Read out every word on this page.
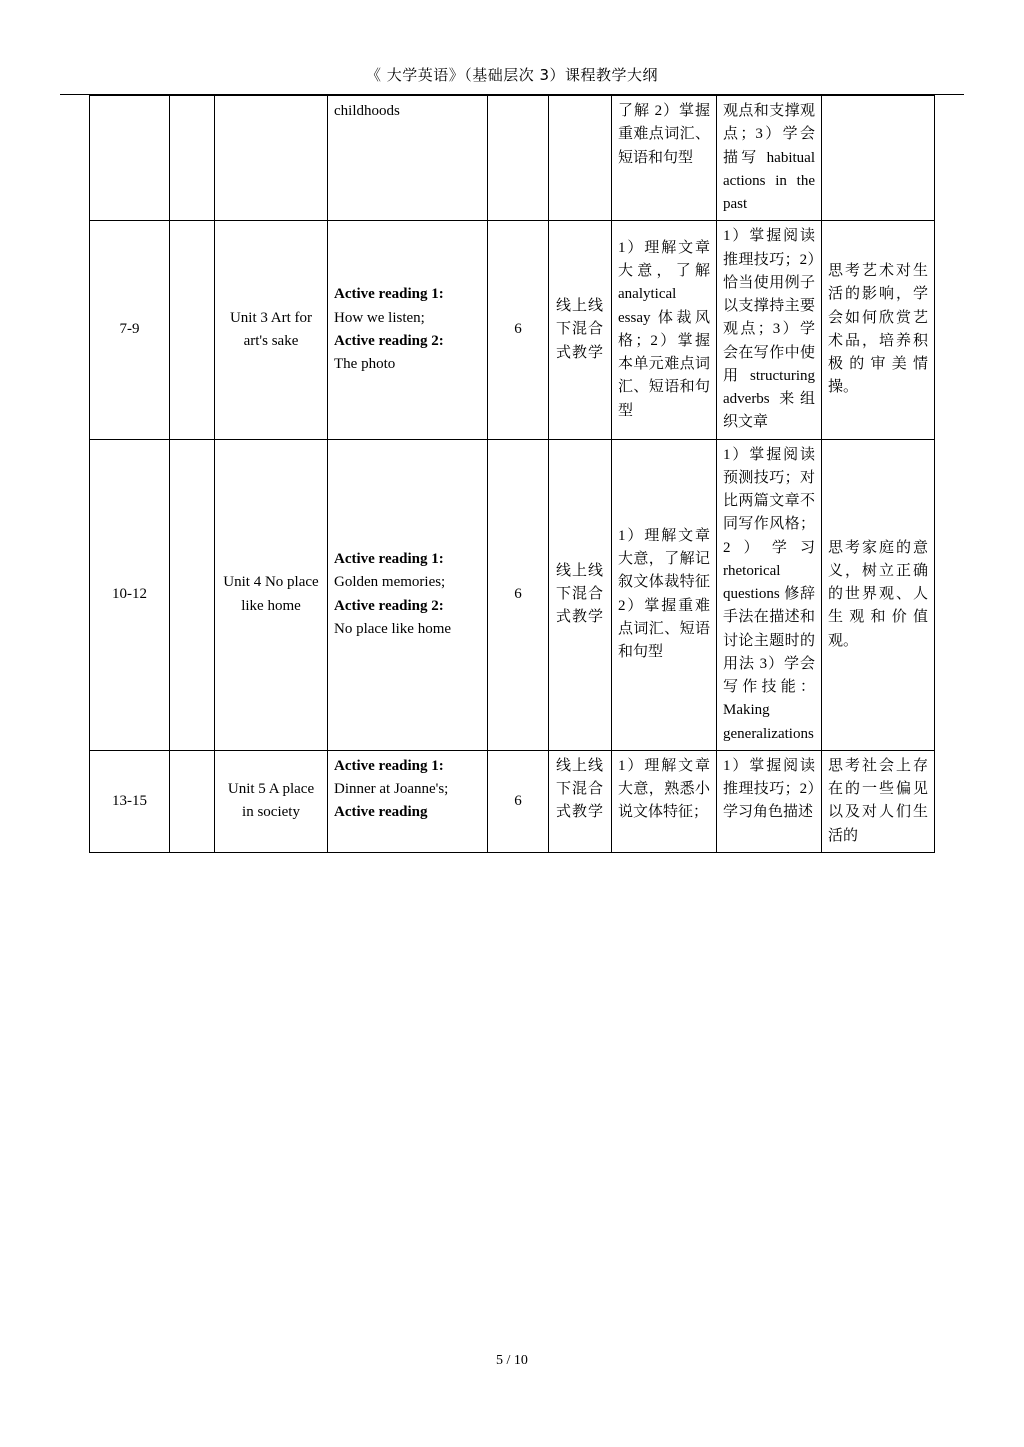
《 大学英语》（基础层次 3）课程教学大纲
			childhoods			了解 2）掌握重难点词汇、短语和句型	观点和支撑观点；3）学会描写 habitual actions in the past	
7-9		Unit 3 Art for art's sake	Active reading 1:
How we listen;
Active reading 2:
The photo	6	线上线下混合式教学	1）理解文章大意，了解 analytical essay 体裁风格；2）掌握本单元难点词汇、短语和句型	1）掌握阅读推理技巧；2）恰当使用例子以支撑持主要观点；3）学会在写作中使用 structuring adverbs 来组织文章	思考艺术对生活的影响，学会如何欣赏艺术品，培养积极的审美情操。
10-12		Unit 4 No place like home	Active reading 1:
Golden memories;
Active reading 2:
No place like home	6	线上线下混合式教学	1）理解文章大意，了解记叙文体裁特征 2）掌握重难点词汇、短语和句型	1）掌握阅读预测技巧；对比两篇文章不同写作风格；2）学习 rhetorical questions 修辞手法在描述和讨论主题时的用法 3）学会写作技能：Making generalizations	思考家庭的意义，树立正确的世界观、人生观和价值观。
13-15		Unit 5 A place in society	Active reading 1:
Dinner at Joanne's;
Active reading	6	线上线下混合式教学	1）理解文章大意，熟悉小说文体特征；	1）掌握阅读推理技巧；2）学习角色描述	思考社会上存在的一些偏见以及对人们生活的
5 / 10
